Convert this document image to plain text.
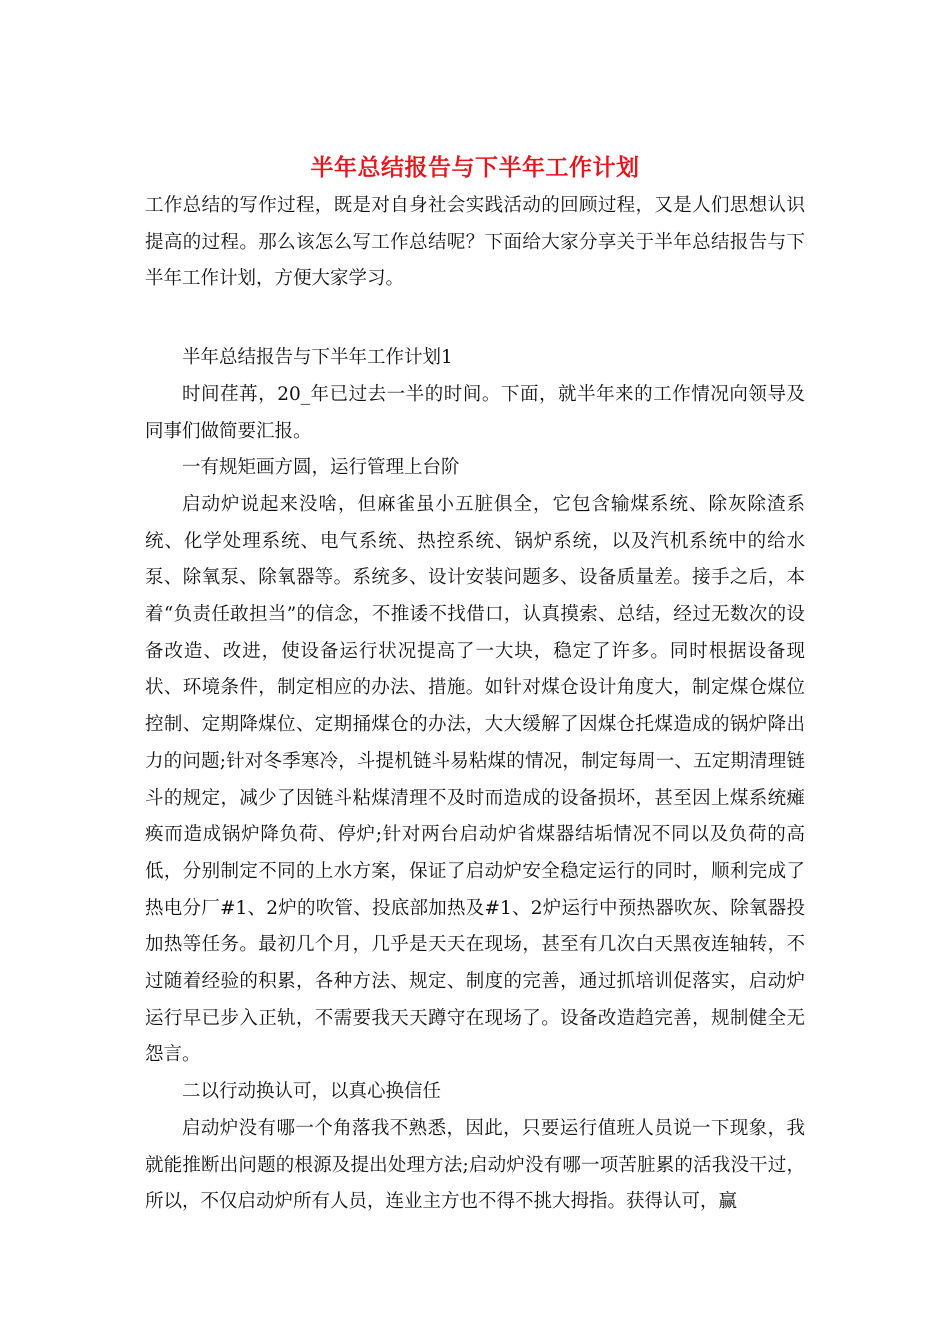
半年总结报告与下半年工作计划

工作总结的写作过程，既是对自身社会实践活动的回顾过程，又是人们思想认识提高的过程。那么该怎么写工作总结呢？下面给大家分享关于半年总结报告与下半年工作计划，方便大家学习。

半年总结报告与下半年工作计划1

时间荏苒，20_年已过去一半的时间。下面，就半年来的工作情况向领导及同事们做简要汇报。

一有规矩画方圆，运行管理上台阶

启动炉说起来没啥，但麻雀虽小五脏俱全，它包含输煤系统、除灰除渣系统、化学处理系统、电气系统、热控系统、锅炉系统，以及汽机系统中的给水泵、除氧泵、除氧器等。系统多、设计安装问题多、设备质量差。接手之后，本着“负责任敢担当”的信念，不推诿不找借口，认真摸索、总结，经过无数次的设备改造、改进，使设备运行状况提高了一大块，稳定了许多。同时根据设备现状、环境条件，制定相应的办法、措施。如针对煤仓设计角度大，制定煤仓煤位控制、定期降煤位、定期捅煤仓的办法，大大缓解了因煤仓托煤造成的锅炉降出力的问题;针对冬季寒冷，斗提机链斗易粘煤的情况，制定每周一、五定期清理链斗的规定，减少了因链斗粘煤清理不及时而造成的设备损坏，甚至因上煤系统瘫痪而造成锅炉降负荷、停炉;针对两台启动炉省煤器结垢情况不同以及负荷的高低，分别制定不同的上水方案，保证了启动炉安全稳定运行的同时，顺利完成了热电分厂#1、2炉的吹管、投底部加热及#1、2炉运行中预热器吹灰、除氧器投加热等任务。最初几个月，几乎是天天在现场，甚至有几次白天黑夜连轴转，不过随着经验的积累，各种方法、规定、制度的完善，通过抓培训促落实，启动炉运行早已步入正轨，不需要我天天蹲守在现场了。设备改造趋完善，规制健全无怨言。

二以行动换认可，以真心换信任

启动炉没有哪一个角落我不熟悉，因此，只要运行值班人员说一下现象，我就能推断出问题的根源及提出处理方法;启动炉没有哪一项苦脏累的活我没干过，所以，不仅启动炉所有人员，连业主方也不得不挑大拇指。获得认可，赢
